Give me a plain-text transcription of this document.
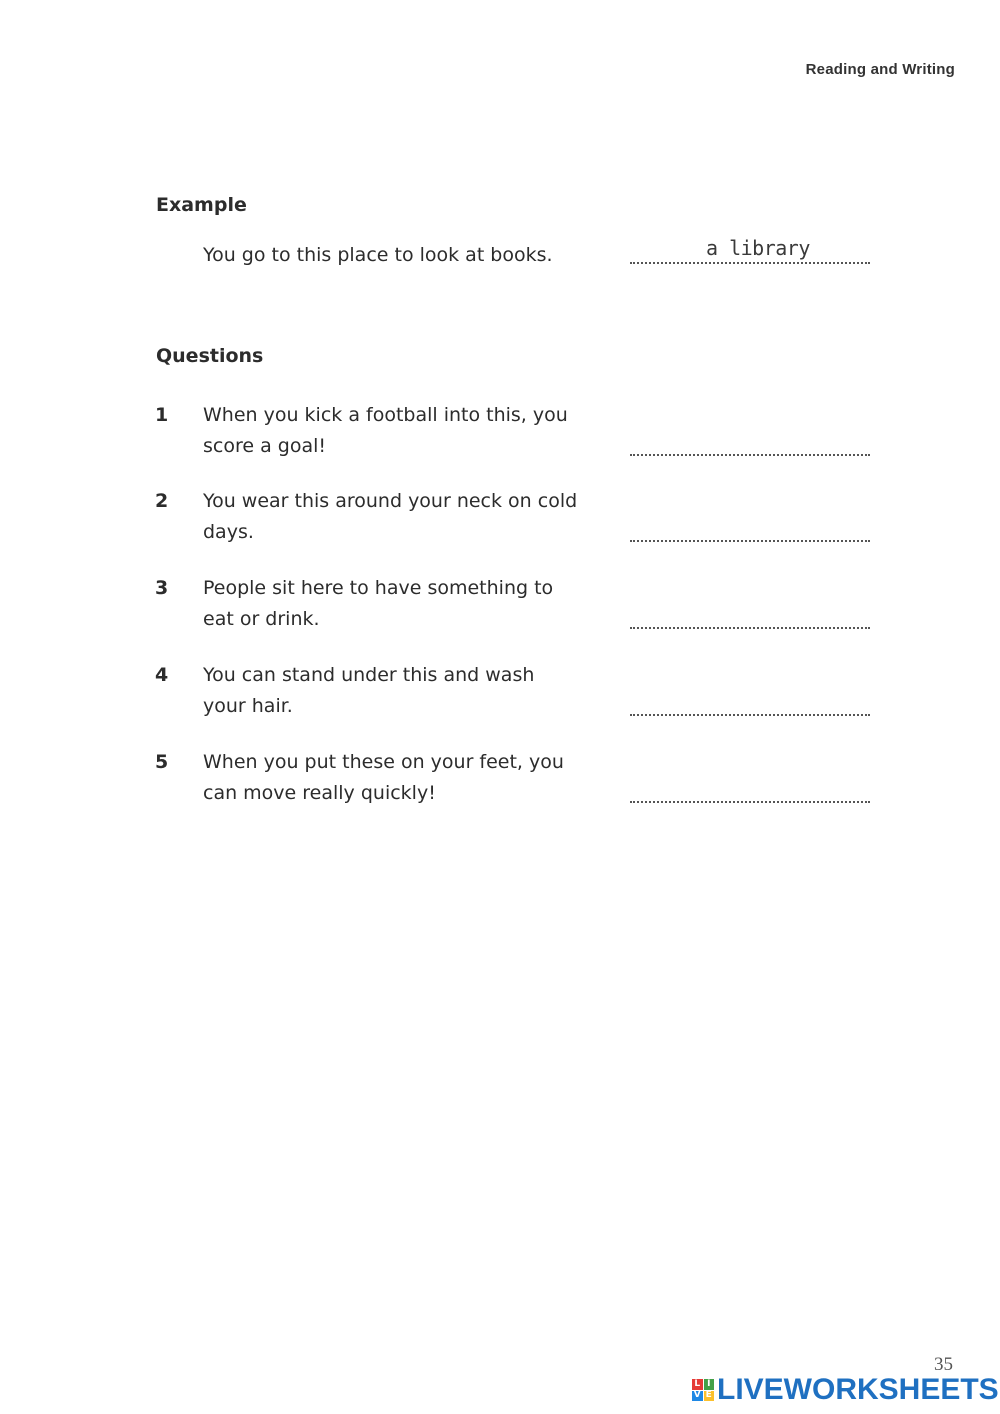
Reading and Writing
Example
You go to this place to look at books.	a library
Questions
1 When you kick a football into this, you score a goal!
2 You wear this around your neck on cold days.
3 People sit here to have something to eat or drink.
4 You can stand under this and wash your hair.
5 When you put these on your feet, you can move really quickly!
35
L I
V E LIVEWORKSHEETS
